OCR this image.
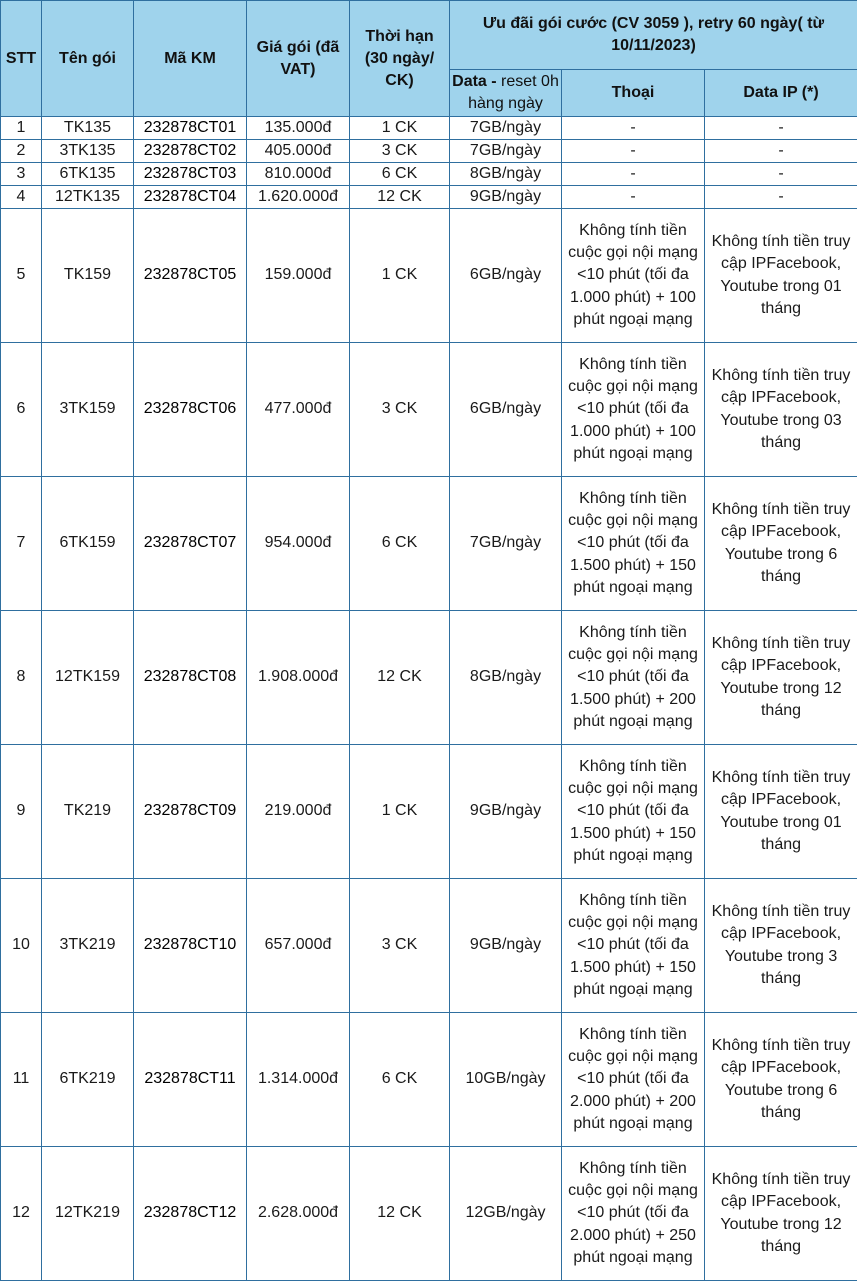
STT	Tên gói	Mã KM	Giá gói (đã VAT)	Thời hạn (30 ngày/ CK)	Ưu đãi gói cước (CV 3059 ), retry 60 ngày( từ 10/11/2023)		
					Data - reset 0h hàng ngày	Thoại	Data IP (*)
1	TK135	232878CT01	135.000đ	1 CK	7GB/ngày	-	-
2	3TK135	232878CT02	405.000đ	3 CK	7GB/ngày	-	-
3	6TK135	232878CT03	810.000đ	6 CK	8GB/ngày	-	-
4	12TK135	232878CT04	1.620.000đ	12 CK	9GB/ngày	-	-
5	TK159	232878CT05	159.000đ	1 CK	6GB/ngày	Không tính tiền cuộc gọi nội mạng <10 phút (tối đa 1.000 phút) + 100 phút ngoại mạng	Không tính tiền truy cập IPFacebook, Youtube trong 01 tháng
6	3TK159	232878CT06	477.000đ	3 CK	6GB/ngày	Không tính tiền cuộc gọi nội mạng <10 phút (tối đa 1.000 phút) + 100 phút ngoại mạng	Không tính tiền truy cập IPFacebook, Youtube trong 03 tháng
7	6TK159	232878CT07	954.000đ	6 CK	7GB/ngày	Không tính tiền cuộc gọi nội mạng <10 phút (tối đa 1.500 phút) + 150 phút ngoại mạng	Không tính tiền truy cập IPFacebook, Youtube trong 6 tháng
8	12TK159	232878CT08	1.908.000đ	12 CK	8GB/ngày	Không tính tiền cuộc gọi nội mạng <10 phút (tối đa 1.500 phút) + 200 phút ngoại mạng	Không tính tiền truy cập IPFacebook, Youtube trong 12 tháng
9	TK219	232878CT09	219.000đ	1 CK	9GB/ngày	Không tính tiền cuộc gọi nội mạng <10 phút (tối đa 1.500 phút) + 150 phút ngoại mạng	Không tính tiền truy cập IPFacebook, Youtube trong 01 tháng
10	3TK219	232878CT10	657.000đ	3 CK	9GB/ngày	Không tính tiền cuộc gọi nội mạng <10 phút (tối đa 1.500 phút) + 150 phút ngoại mạng	Không tính tiền truy cập IPFacebook, Youtube trong 3 tháng
11	6TK219	232878CT11	1.314.000đ	6 CK	10GB/ngày	Không tính tiền cuộc gọi nội mạng <10 phút (tối đa 2.000 phút) + 200 phút ngoại mạng	Không tính tiền truy cập IPFacebook, Youtube trong 6 tháng
12	12TK219	232878CT12	2.628.000đ	12 CK	12GB/ngày	Không tính tiền cuộc gọi nội mạng <10 phút (tối đa 2.000 phút) + 250 phút ngoại mạng	Không tính tiền truy cập IPFacebook, Youtube trong 12 tháng
